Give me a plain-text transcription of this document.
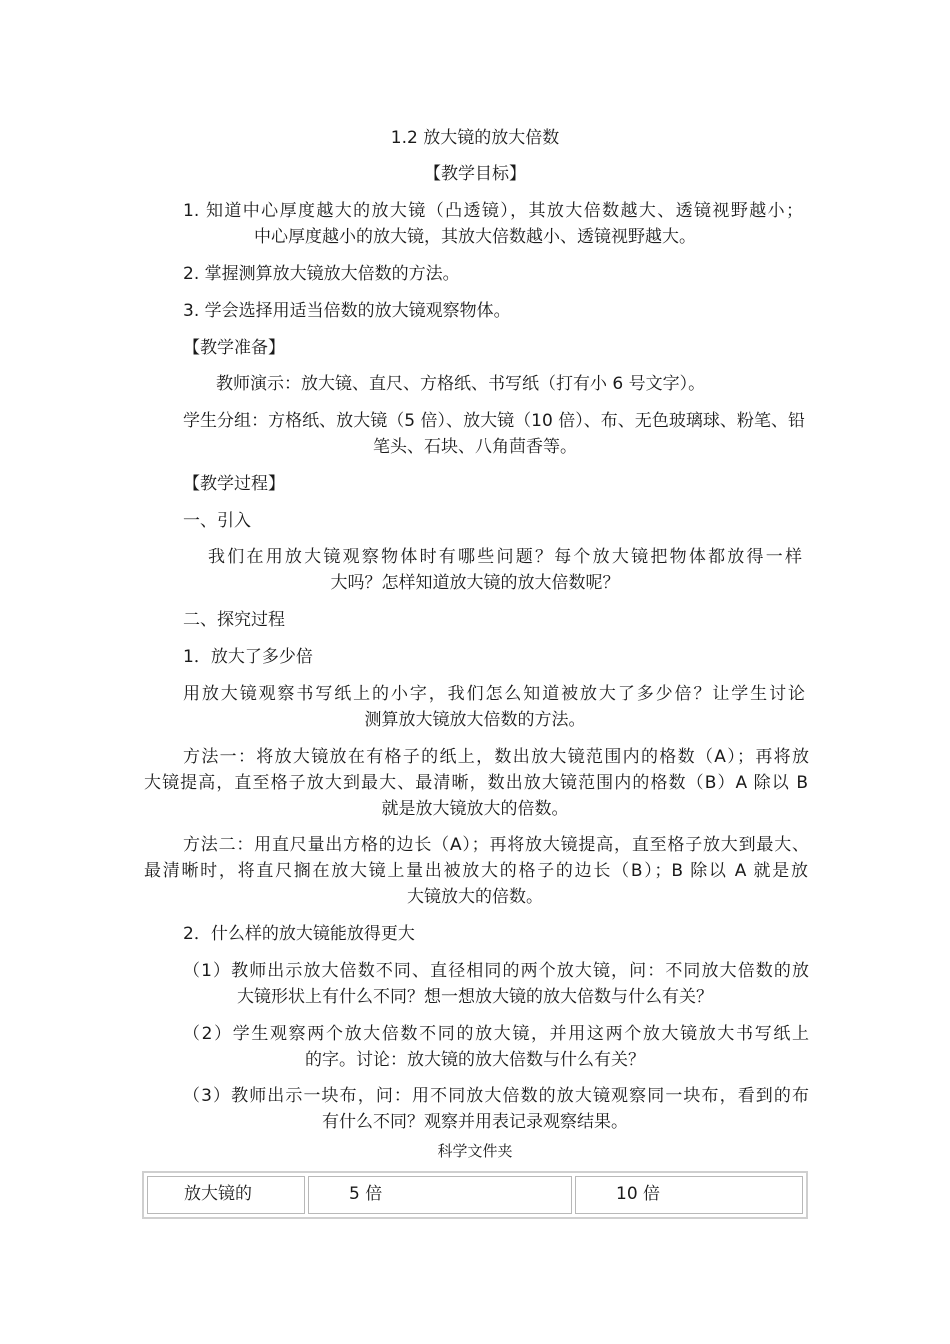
1.2 放大镜的放大倍数
【教学目标】
1. 知道中心厚度越大的放大镜（凸透镜），其放大倍数越大、透镜视野越小；
中心厚度越小的放大镜，其放大倍数越小、透镜视野越大。
2. 掌握测算放大镜放大倍数的方法。
3. 学会选择用适当倍数的放大镜观察物体。
【教学准备】
教师演示：放大镜、直尺、方格纸、书写纸（打有小 6 号文字）。
学生分组：方格纸、放大镜（5 倍）、放大镜（10 倍）、布、无色玻璃球、粉笔、铅
笔头、石块、八角茴香等。
【教学过程】
一、引入
我们在用放大镜观察物体时有哪些问题？每个放大镜把物体都放得一样
大吗？怎样知道放大镜的放大倍数呢？
二、探究过程
1．放大了多少倍
用放大镜观察书写纸上的小字，我们怎么知道被放大了多少倍？让学生讨论
测算放大镜放大倍数的方法。
方法一：将放大镜放在有格子的纸上，数出放大镜范围内的格数（A）；再将放
大镜提高，直至格子放大到最大、最清晰，数出放大镜范围内的格数（B）A 除以 B
就是放大镜放大的倍数。
方法二：用直尺量出方格的边长（A）；再将放大镜提高，直至格子放大到最大、
最清晰时，将直尺搁在放大镜上量出被放大的格子的边长（B）；B 除以 A 就是放
大镜放大的倍数。
2．什么样的放大镜能放得更大
（1）教师出示放大倍数不同、直径相同的两个放大镜，问：不同放大倍数的放
大镜形状上有什么不同？想一想放大镜的放大倍数与什么有关？
（2）学生观察两个放大倍数不同的放大镜，并用这两个放大镜放大书写纸上
的字。讨论：放大镜的放大倍数与什么有关？
（3）教师出示一块布，问：用不同放大倍数的放大镜观察同一块布，看到的布
有什么不同？观察并用表记录观察结果。
科学文件夹
放大镜的	5 倍	10 倍
